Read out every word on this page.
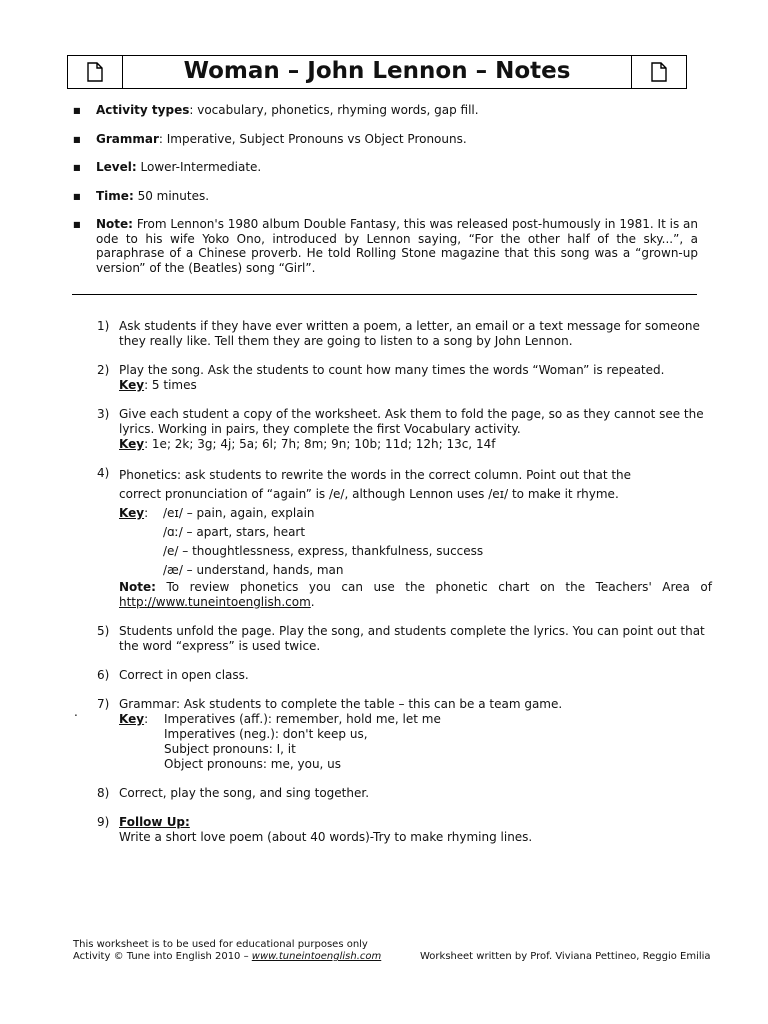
Woman – John Lennon – Notes
■	Activity types: vocabulary, phonetics, rhyming words, gap fill.
■	Grammar: Imperative, Subject Pronouns vs Object Pronouns.
■	Level: Lower-Intermediate.
■	Time: 50 minutes.
■	Note: From Lennon's 1980 album Double Fantasy, this was released post-humously in 1981. It is an ode to his wife Yoko Ono, introduced by Lennon saying, “For the other half of the sky...”, a paraphrase of a Chinese proverb. He told Rolling Stone magazine that this song was a “grown-up version” of the (Beatles) song “Girl”.
1) Ask students if they have ever written a poem, a letter, an email or a text message for someone they really like. Tell them they are going to listen to a song by John Lennon.
2) Play the song. Ask the students to count how many times the words “Woman” is repeated.
Key: 5 times
3) Give each student a copy of the worksheet. Ask them to fold the page, so as they cannot see the lyrics. Working in pairs, they complete the first Vocabulary activity.
Key: 1e; 2k; 3g; 4j; 5a; 6l; 7h; 8m; 9n; 10b; 11d; 12h; 13c, 14f
4) Phonetics: ask students to rewrite the words in the correct column. Point out that the
correct pronunciation of “again” is /e/, although Lennon uses /eɪ/ to make it rhyme.
Key:	/eɪ/ – pain, again, explain
/ɑː/ – apart, stars, heart
/e/ – thoughtlessness, express, thankfulness, success
/æ/ – understand, hands, man
Note: To review phonetics you can use the phonetic chart on the Teachers' Area of http://www.tuneintoenglish.com.
5) Students unfold the page. Play the song, and students complete the lyrics. You can point out that the word “express” is used twice.
6) Correct in open class.
7) Grammar: Ask students to complete the table – this can be a team game.
Key:	Imperatives (aff.): remember, hold me, let me
Imperatives (neg.): don't keep us,
Subject pronouns: I, it
Object pronouns: me, you, us
8) Correct, play the song, and sing together.
9) Follow Up:
Write a short love poem (about 40 words)-Try to make rhyming lines.
.
This worksheet is to be used for educational purposes only
Activity © Tune into English 2010 – www.tuneintoenglish.com	Worksheet written by Prof. Viviana Pettineo, Reggio Emilia
